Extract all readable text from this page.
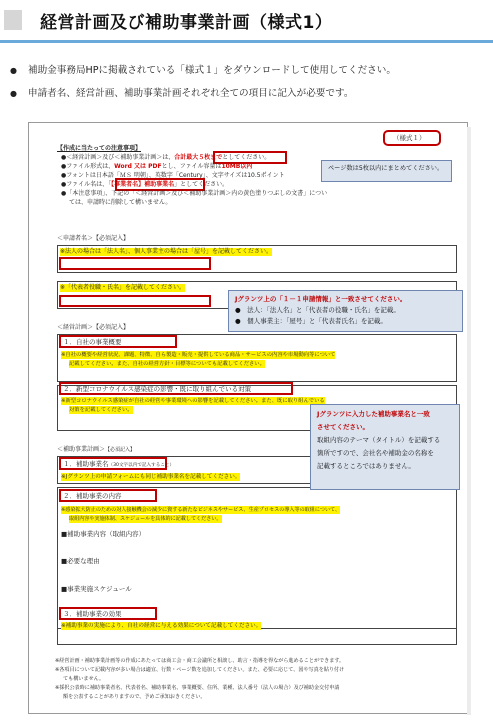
経営計画及び補助事業計画（様式1）
● 補助金事務局HPに掲載されている「様式１」をダウンロードして使用してください。
● 申請者名、経営計画、補助事業計画それぞれ全ての項目に記入が必要です。
（様式１）
【作成に当たっての注意事項】
●＜経営計画＞及び＜補助事業計画＞は、合計最大５枚までとしてください。
●ファイル形式は、Word 又は PDFとし、ファイル容量は10MB以内
●フォントは日本語「ＭＳ 明朝」、英数字「Century」、文字サイズは10.5ポイント
●ファイル名は、「【事業者名】補助事業名」としてください。
●「本注意事項」、下記の「＜経営計画＞及び＜補助事業計画＞内の黄色塗りつぶしの文書」につい
ては、申請時に削除して構いません。
＜申請者名＞【必須記入】
※法人の場合は「法人名」、個人事業主の場合は「屋号」を記載してください。
※「代表者役職・氏名」を記載してください。
＜経営計画＞【必須記入】
１．自社の事業概要
※自社の概要や経営状況、課題、特徴、自ら製造・販売・提供している商品・サービスの内容や市場動向等について
記載してください。また、自社の経営方針・目標等についても記載してください。
２．新型コロナウイルス感染症の影響・既に取り組んでいる対策
※新型コロナウイルス感染症が自社の経営や事業環境への影響を記載してください。また、既に取り組んでいる
対策を記載してください。
＜補助事業計画＞【必須記入】
１．補助事業名（30文字以内で記入すること）
※Jグランツ上の申請フォームにも同じ補助事業名を記載してください。
２．補助事業の内容
※感染拡大防止のための対人接触機会の減少に資する新たなビジネスやサービス、生産プロセスの導入等の取組について、
取組内容や実施体制、スケジュールを具体的に記載してください。
■補助事業内容（取組内容）
■必要な理由
■事業実施スケジュール
３．補助事業の効果
※補助事業の実施により、自社の経営に与える効果について記載してください。
※経営計画・補助事業計画等の作成にあたっては商工会・商工会議所と相談し、助言・指導を得ながら進めることができます。
※各項目について記載内容が多い場合は適宜、行数・ページ数を追加してください。また、必要に応じて、図や写真を貼り付け
ても構いません。
※採択公表時に補助事業者名、代表者名、補助事業名、事業概要、住所、業種、法人番号（法人の場合）及び補助金交付申請
額を公表することがありますので、予めご承知おきください。
ページ数は5枚以内にまとめてください。
Jグランツ上の「１－１申請情報」と一致させてください。
●　法人：「法人名」と「代表者の役職・氏名」を記載。
●　個人事業主：「屋号」と「代表者氏名」を記載。
Jグランツに入力した補助事業名と一致
させてください。
取組内容のテーマ（タイトル）を記載する
箇所ですので、会社名や補助金の名称を
記載するところではありません。
